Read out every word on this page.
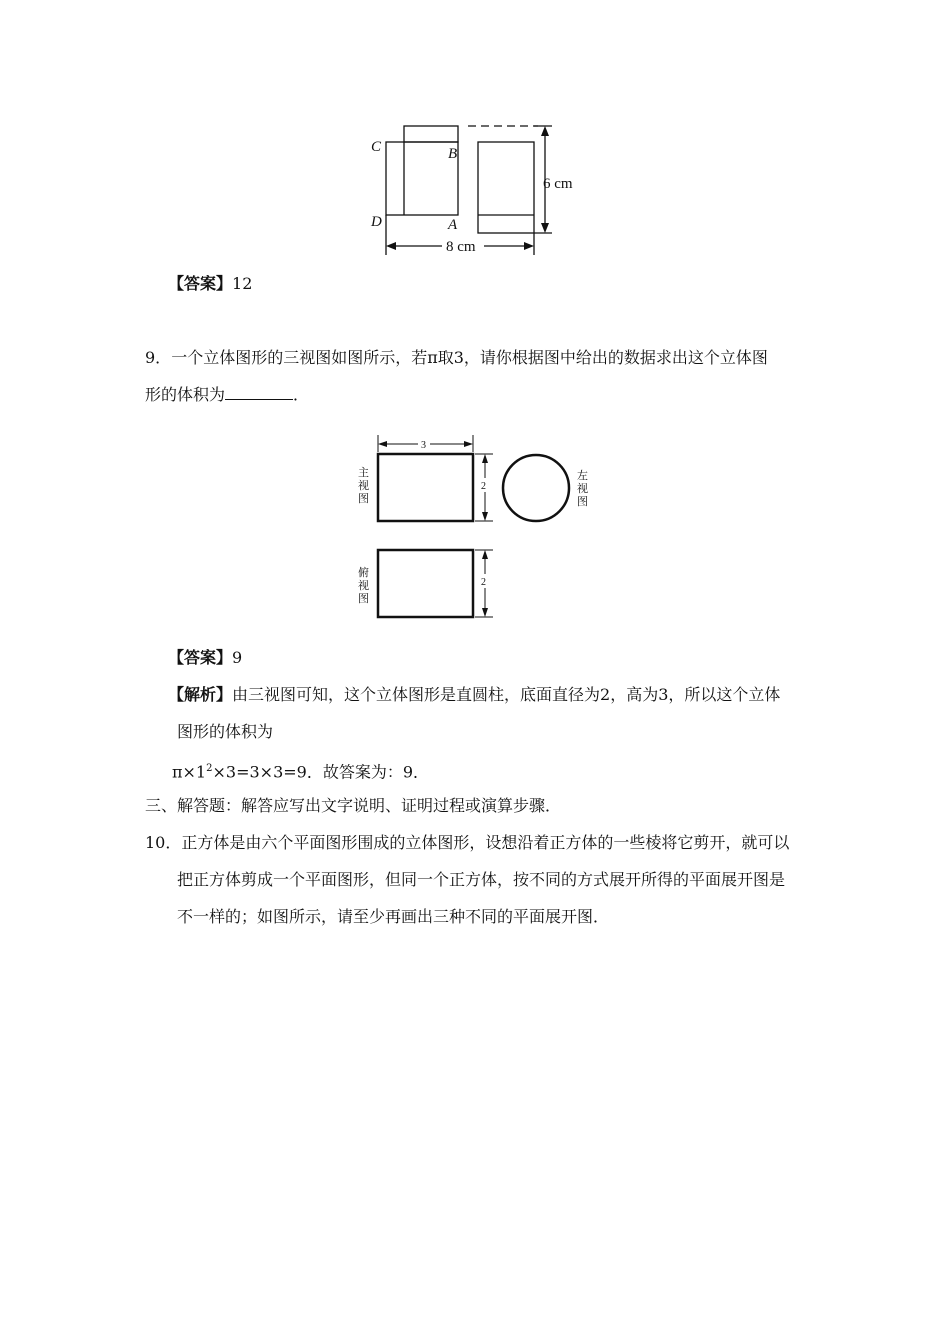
C	B
D	A
6 cm
8 cm
【答案】12
9．一个立体图形的三视图如图所示，若π取3，请你根据图中给出的数据求出这个立体图
形的体积为	．
3
2
2
主
视
图
左
视
图
俯
视
图
【答案】9
【解析】由三视图可知，这个立体图形是直圆柱，底面直径为2，高为3，所以这个立体
图形的体积为
$\pi\times 1^2\times 3=3\times 3=9$．故答案为：9．
三、解答题：解答应写出文字说明、证明过程或演算步骤．
10．正方体是由六个平面图形围成的立体图形，设想沿着正方体的一些棱将它剪开，就可以
把正方体剪成一个平面图形，但同一个正方体，按不同的方式展开所得的平面展开图是
不一样的；如图所示，请至少再画出三种不同的平面展开图．
